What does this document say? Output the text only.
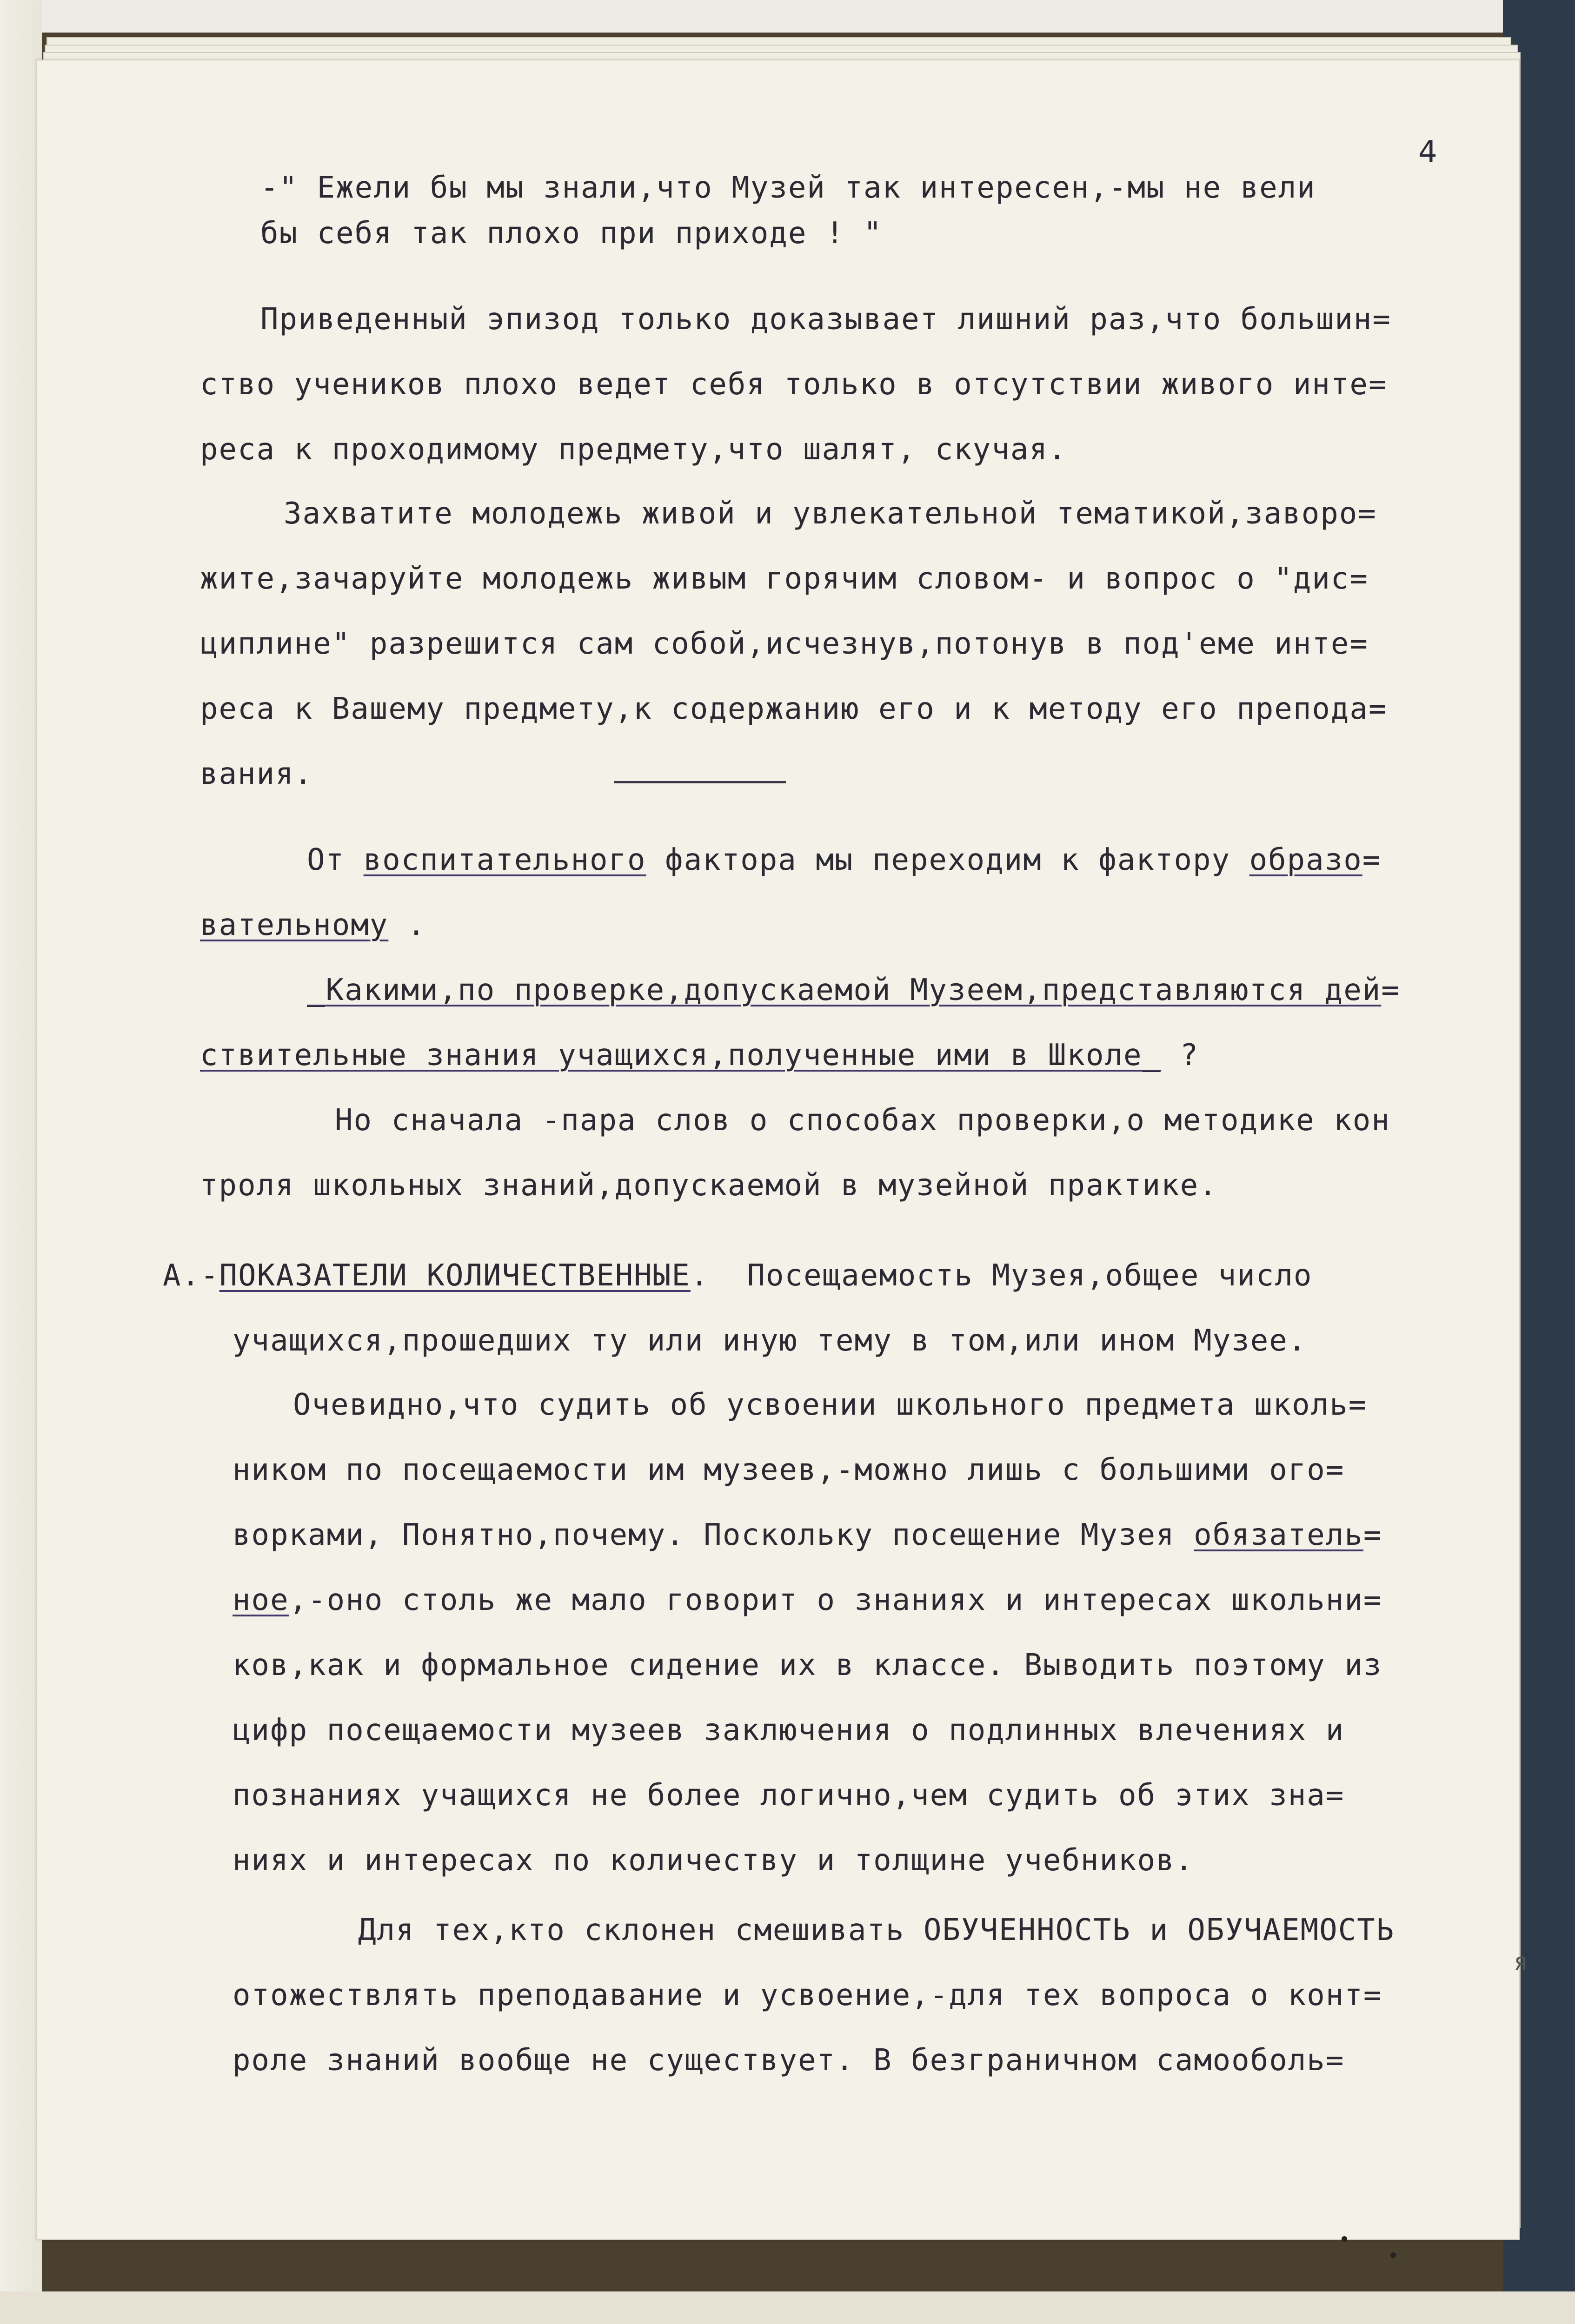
4
-" Ежели бы мы знали,что Музей так интересен,-мы не вели
бы себя так плохо при приходе ! "
Приведенный эпизод только доказывает лишний раз,что большин=
ство учеников плохо ведет себя только в отсутствии живого инте=
реса к проходимому предмету,что шалят, скучая.
Захватите молодежь живой и увлекательной тематикой,заворо=
жите,зачаруйте молодежь живым горячим словом- и вопрос о "дис=
циплине" разрешится сам собой,исчезнув,потонув в под'еме инте=
реса к Вашему предмету,к содержанию его и к методу его препода=
вания.
От воспитательного фактора мы переходим к фактору образо=
вательному .
_Какими,по проверке,допускаемой Музеем,представляются дей=
ствительные знания учащихся,полученные ими в Школе_ ?
Но сначала -пара слов о способах проверки,о методике кон
троля школьных знаний,допускаемой в музейной практике.
А.-ПОКАЗАТЕЛИ КОЛИЧЕСТВЕННЫЕ.  Посещаемость Музея,общее число
учащихся,прошедших ту или иную тему в том,или ином Музее.
Очевидно,что судить об усвоении школьного предмета школь=
ником по посещаемости им музеев,-можно лишь с большими ого=
ворками, Понятно,почему. Поскольку посещение Музея обязатель=
ное,-оно столь же мало говорит о знаниях и интересах школьни=
ков,как и формальное сидение их в классе. Выводить поэтому из
цифр посещаемости музеев заключения о подлинных влечениях и
познаниях учащихся не более логично,чем судить об этих зна=
ниях и интересах по количеству и толщине учебников.
Для тех,кто склонен смешивать ОБУЧЕННОСТЬ и ОБУЧАЕМОСТЬ
отожествлять преподавание и усвоение,-для тех вопроса о конт=
роле знаний вообще не существует. В безграничном самооболь=
я
